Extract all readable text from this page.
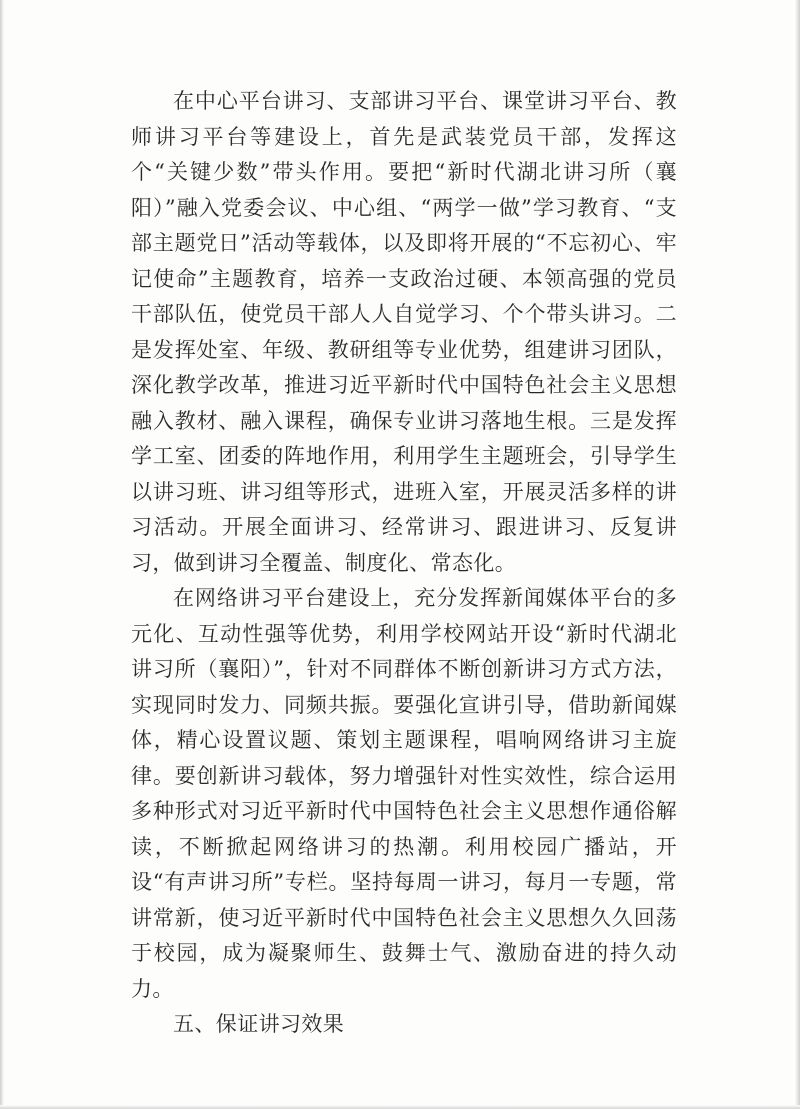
在中心平台讲习、支部讲习平台、课堂讲习平台、教师讲习平台等建设上，首先是武装党员干部，发挥这个“关键少数”带头作用。要把“新时代湖北讲习所（襄阳）”融入党委会议、中心组、“两学一做”学习教育、“支部主题党日”活动等载体，以及即将开展的“不忘初心、牢记使命”主题教育，培养一支政治过硬、本领高强的党员干部队伍，使党员干部人人自觉学习、个个带头讲习。二是发挥处室、年级、教研组等专业优势，组建讲习团队，深化教学改革，推进习近平新时代中国特色社会主义思想融入教材、融入课程，确保专业讲习落地生根。三是发挥学工室、团委的阵地作用，利用学生主题班会，引导学生以讲习班、讲习组等形式，进班入室，开展灵活多样的讲习活动。开展全面讲习、经常讲习、跟进讲习、反复讲习，做到讲习全覆盖、制度化、常态化。

在网络讲习平台建设上，充分发挥新闻媒体平台的多元化、互动性强等优势，利用学校网站开设“新时代湖北讲习所（襄阳）”，针对不同群体不断创新讲习方式方法，实现同时发力、同频共振。要强化宣讲引导，借助新闻媒体，精心设置议题、策划主题课程，唱响网络讲习主旋律。要创新讲习载体，努力增强针对性实效性，综合运用多种形式对习近平新时代中国特色社会主义思想作通俗解读，不断掀起网络讲习的热潮。利用校园广播站，开设“有声讲习所”专栏。坚持每周一讲习，每月一专题，常讲常新，使习近平新时代中国特色社会主义思想久久回荡于校园，成为凝聚师生、鼓舞士气、激励奋进的持久动力。

五、保证讲习效果
